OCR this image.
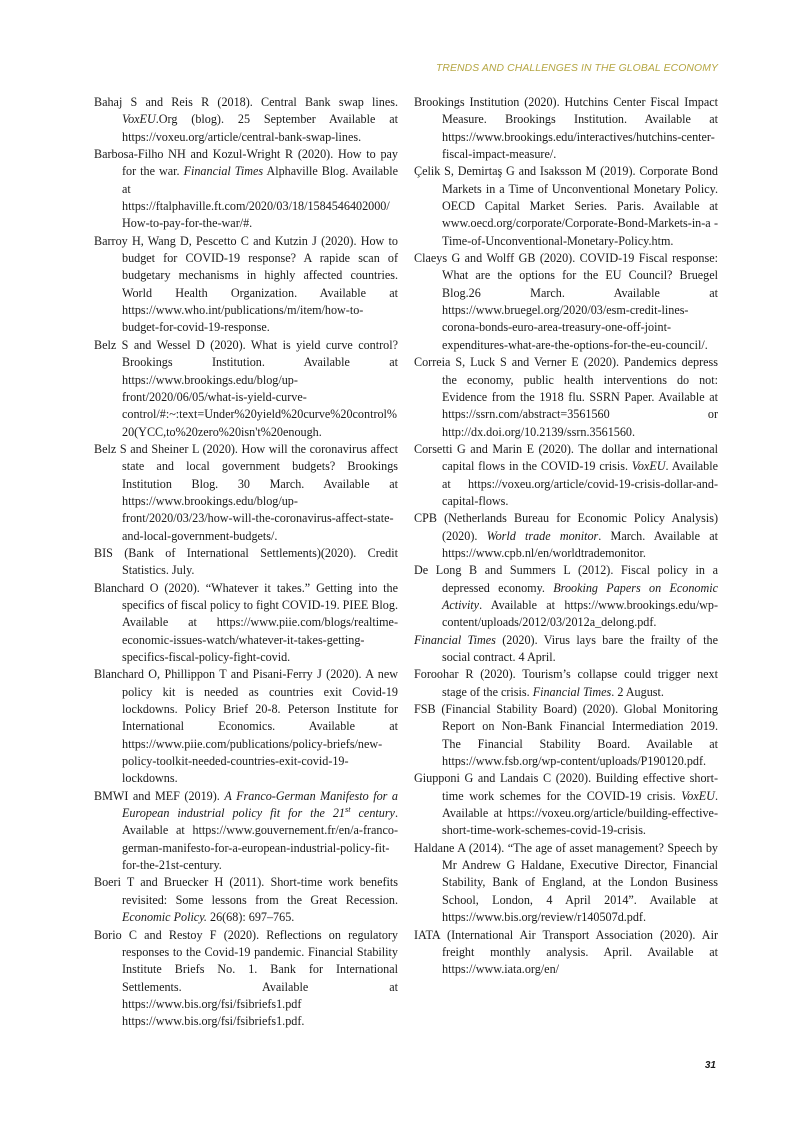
TRENDS AND CHALLENGES IN THE GLOBAL ECONOMY

Bahaj S and Reis R (2018). Central Bank swap lines. VoxEU.Org (blog). 25 September Available at https://voxeu.org/article/central-bank-swap-lines.

Barbosa-Filho NH and Kozul-Wright R (2020). How to pay for the war. Financial Times Alphaville Blog. Available at https://ftalphaville.ft.com/2020/03/18/1584546402000/How-to-pay-for-the-war/#.

Barroy H, Wang D, Pescetto C and Kutzin J (2020). How to budget for COVID-19 response? A rapide scan of budgetary mechanisms in highly affected countries. World Health Organization. Available at https://www.who.int/publications/m/item/how-to-budget-for-covid-19-response.

Belz S and Wessel D (2020). What is yield curve control? Brookings Institution. Available at https://www.brookings.edu/blog/up-front/2020/06/05/what-is-yield-curve-control/#:~:text=Under%20yield%20curve%20control%20(YCC,to%20zero%20isn't%20enough.

Belz S and Sheiner L (2020). How will the coronavirus affect state and local government budgets? Brookings Institution Blog. 30 March. Available at https://www.brookings.edu/blog/up-front/2020/03/23/how-will-the-coronavirus-affect-state-and-local-government-budgets/.

BIS (Bank of International Settlements)(2020). Credit Statistics. July.

Blanchard O (2020). “Whatever it takes.” Getting into the specifics of fiscal policy to fight COVID-19. PIEE Blog. Available at https://www.piie.com/blogs/realtime-economic-issues-watch/whatever-it-takes-getting-specifics-fiscal-policy-fight-covid.

Blanchard O, Phillippon T and Pisani-Ferry J (2020). A new policy kit is needed as countries exit Covid-19 lockdowns. Policy Brief 20-8. Peterson Institute for International Economics. Available at https://www.piie.com/publications/policy-briefs/new-policy-toolkit-needed-countries-exit-covid-19-lockdowns.

BMWI and MEF (2019). A Franco-German Manifesto for a European industrial policy fit for the 21st century. Available at https://www.gouvernement.fr/en/a-franco-german-manifesto-for-a-european-industrial-policy-fit-for-the-21st-century.

Boeri T and Bruecker H (2011). Short-time work benefits revisited: Some lessons from the Great Recession. Economic Policy. 26(68): 697–765.

Borio C and Restoy F (2020). Reflections on regulatory responses to the Covid-19 pandemic. Financial Stability Institute Briefs No. 1. Bank for International Settlements. Available at https://www.bis.org/fsi/fsibriefs1.pdf https://www.bis.org/fsi/fsibriefs1.pdf.

Brookings Institution (2020). Hutchins Center Fiscal Impact Measure. Brookings Institution. Available at https://www.brookings.edu/interactives/hutchins-center-fiscal-impact-measure/.

Çelik S, Demirtaş G and Isaksson M (2019). Corporate Bond Markets in a Time of Unconventional Monetary Policy. OECD Capital Market Series. Paris. Available at www.oecd.org/corporate/Corporate-Bond-Markets-in-a -Time-of-Unconventional-Monetary-Policy.htm.

Claeys G and Wolff GB (2020). COVID-19 Fiscal response: What are the options for the EU Council? Bruegel Blog.26 March. Available at https://www.bruegel.org/2020/03/esm-credit-lines-corona-bonds-euro-area-treasury-one-off-joint-expenditures-what-are-the-options-for-the-eu-council/.

Correia S, Luck S and Verner E (2020). Pandemics depress the economy, public health interventions do not: Evidence from the 1918 flu. SSRN Paper. Available at https://ssrn.com/abstract=3561560 or http://dx.doi.org/10.2139/ssrn.3561560.

Corsetti G and Marin E (2020). The dollar and international capital flows in the COVID-19 crisis. VoxEU. Available at https://voxeu.org/article/covid-19-crisis-dollar-and-capital-flows.

CPB (Netherlands Bureau for Economic Policy Analysis) (2020). World trade monitor. March. Available at https://www.cpb.nl/en/worldtrademonitor.

De Long B and Summers L (2012). Fiscal policy in a depressed economy. Brooking Papers on Economic Activity. Available at https://www.brookings.edu/wp-content/uploads/2012/03/2012a_delong.pdf.

Financial Times (2020). Virus lays bare the frailty of the social contract. 4 April.

Foroohar R (2020). Tourism’s collapse could trigger next stage of the crisis. Financial Times. 2 August.

FSB (Financial Stability Board) (2020). Global Monitoring Report on Non-Bank Financial Intermediation 2019. The Financial Stability Board. Available at https://www.fsb.org/wp-content/uploads/P190120.pdf.

Giupponi G and Landais C (2020). Building effective short-time work schemes for the COVID-19 crisis. VoxEU. Available at https://voxeu.org/article/building-effective-short-time-work-schemes-covid-19-crisis.

Haldane A (2014). “The age of asset management? Speech by Mr Andrew G Haldane, Executive Director, Financial Stability, Bank of England, at the London Business School, London, 4 April 2014”. Available at https://www.bis.org/review/r140507d.pdf.

IATA (International Air Transport Association (2020). Air freight monthly analysis. April. Available at https://www.iata.org/en/

31
